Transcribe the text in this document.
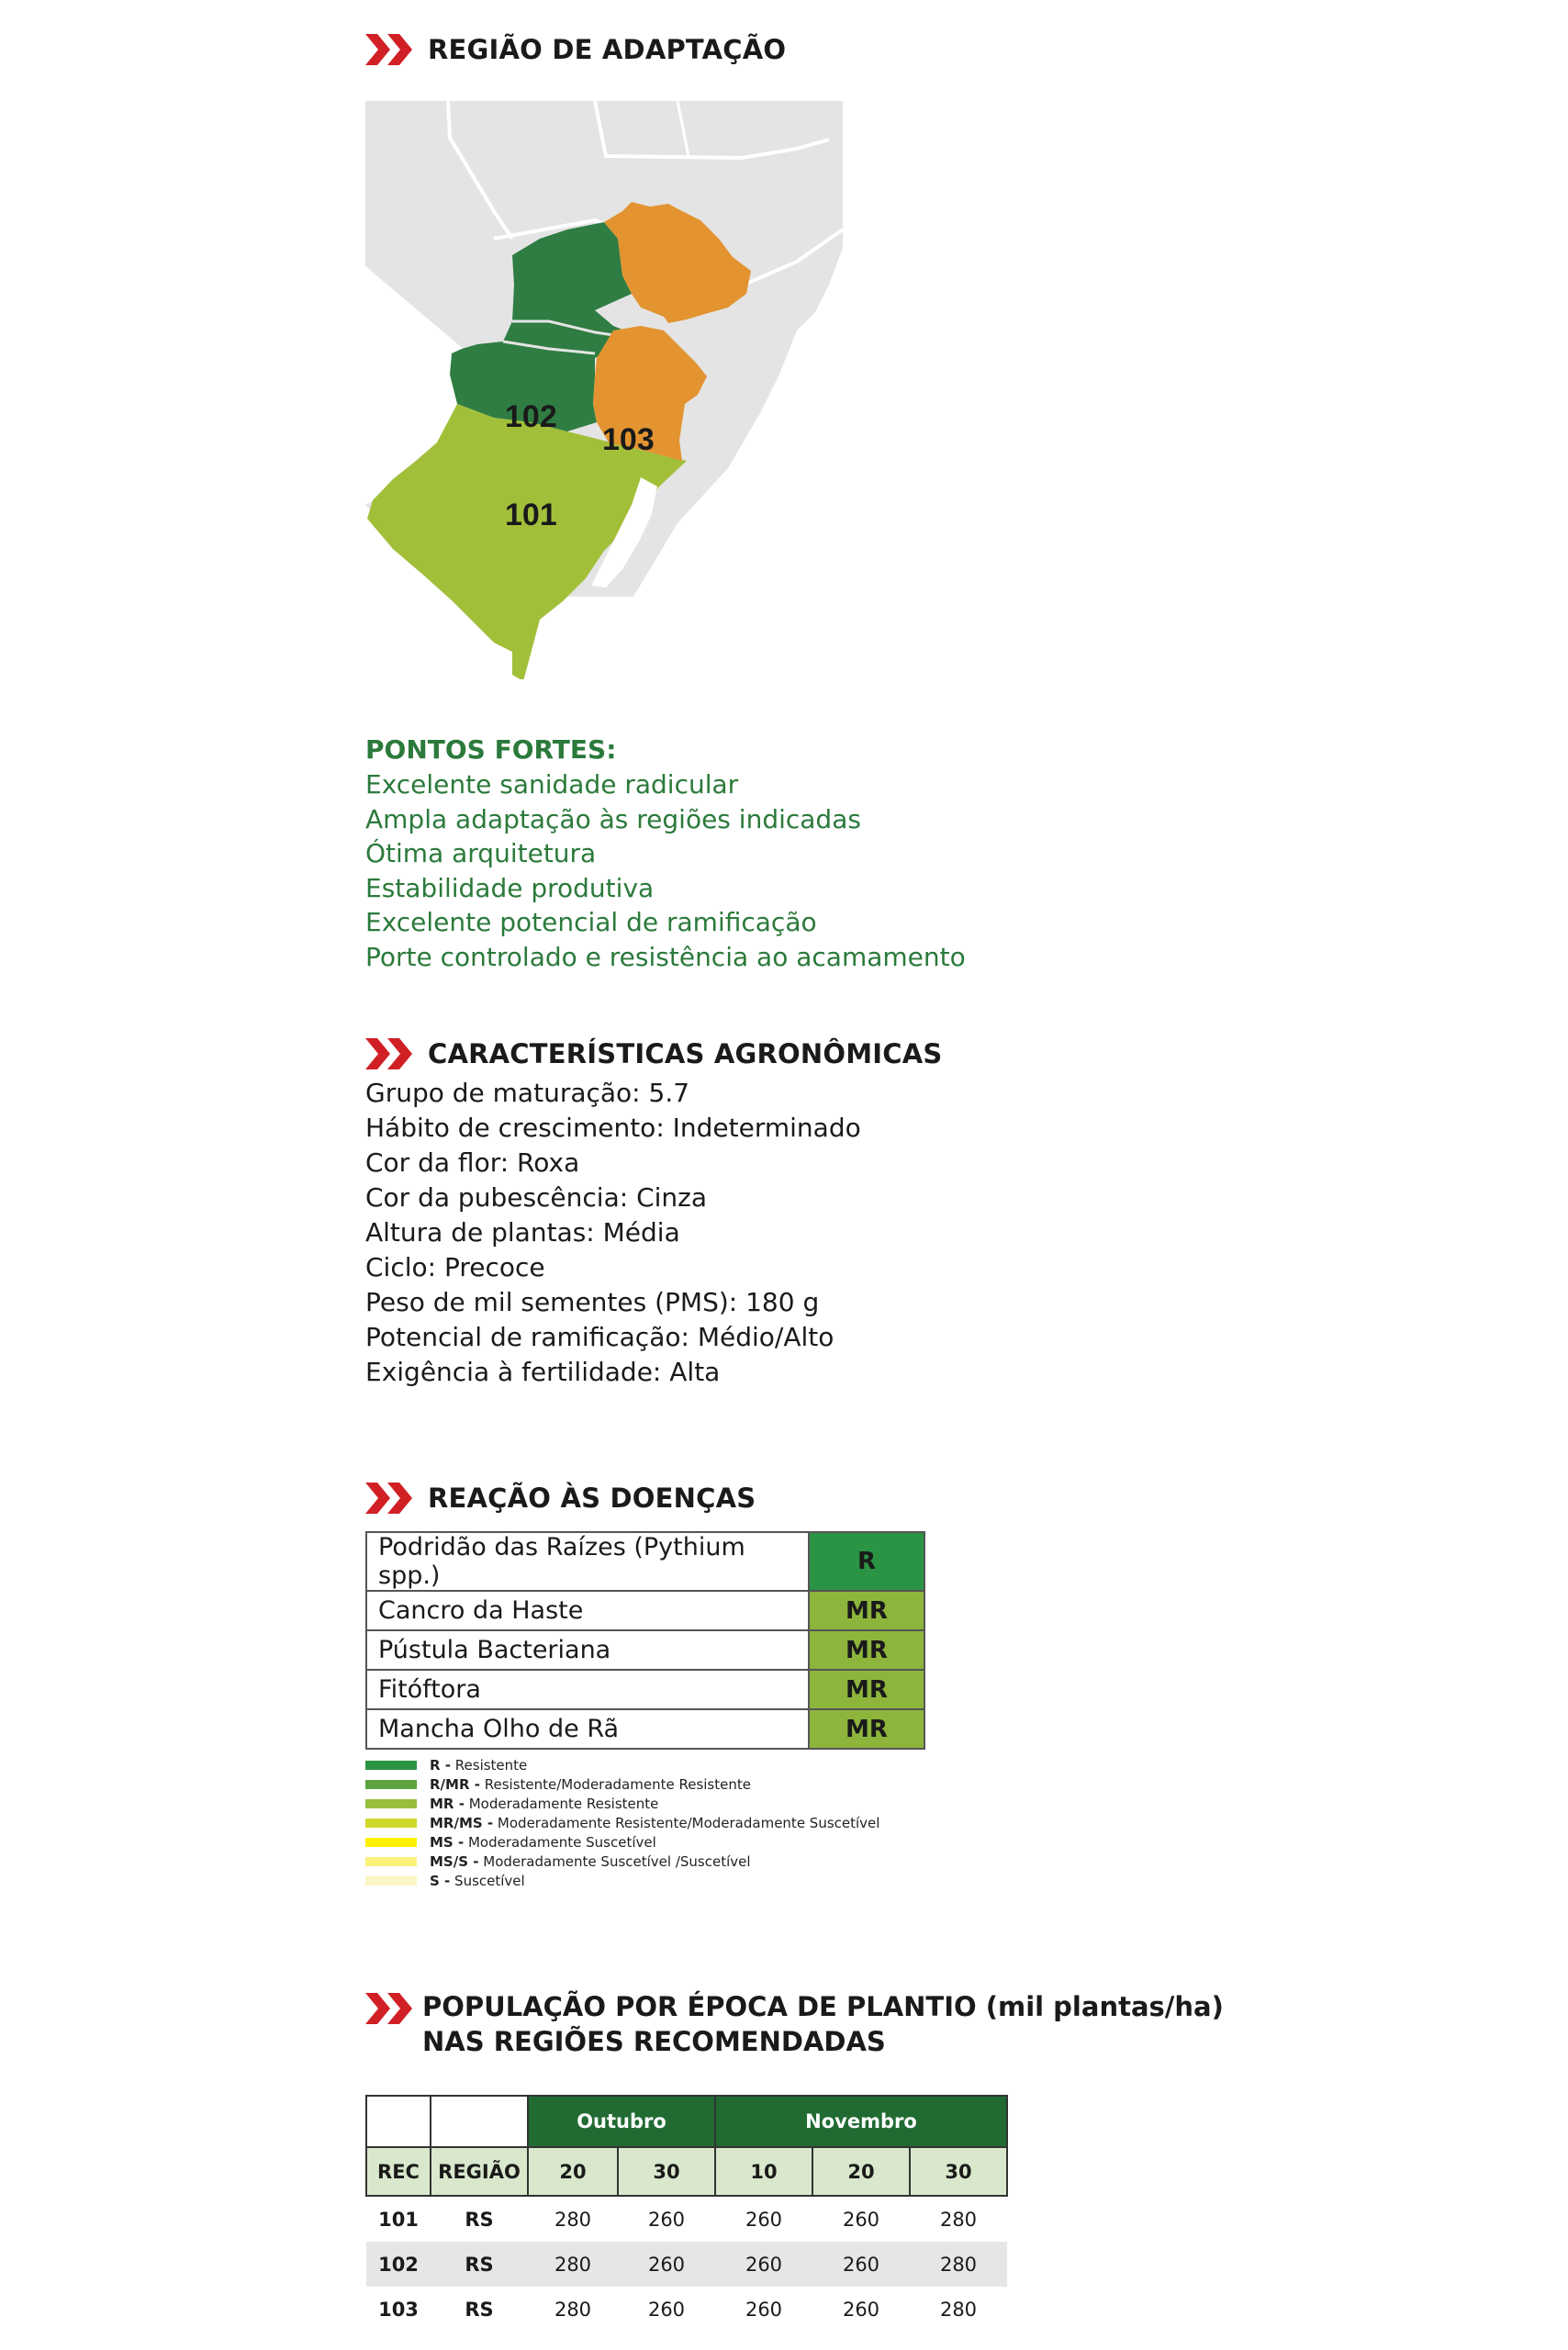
REGIÃO DE ADAPTAÇÃO
102
103
101
PONTOS FORTES:
Excelente sanidade radicular
Ampla adaptação às regiões indicadas
Ótima arquitetura
Estabilidade produtiva
Excelente potencial de ramificação
Porte controlado e resistência ao acamamento
CARACTERÍSTICAS AGRONÔMICAS
Grupo de maturação: 5.7
Hábito de crescimento: Indeterminado
Cor da flor: Roxa
Cor da pubescência: Cinza
Altura de plantas: Média
Ciclo: Precoce
Peso de mil sementes (PMS): 180 g
Potencial de ramificação: Médio/Alto
Exigência à fertilidade: Alta
REAÇÃO ÀS DOENÇAS
Podridão das Raízes (Pythium spp.)	R
Cancro da Haste	MR
Pústula Bacteriana	MR
Fitóftora	MR
Mancha Olho de Rã	MR
R - Resistente
R/MR - Resistente/Moderadamente Resistente
MR - Moderadamente Resistente
MR/MS - Moderadamente Resistente/Moderadamente Suscetível
MS - Moderadamente Suscetível
MS/S - Moderadamente Suscetível /Suscetível
S - Suscetível
POPULAÇÃO POR ÉPOCA DE PLANTIO (mil plantas/ha)
NAS REGIÕES RECOMENDADAS
		Outubro		Novembro		
REC	REGIÃO	20	30	10	20	30
101	RS	280	260	260	260	280
102	RS	280	260	260	260	280
103	RS	280	260	260	260	280
